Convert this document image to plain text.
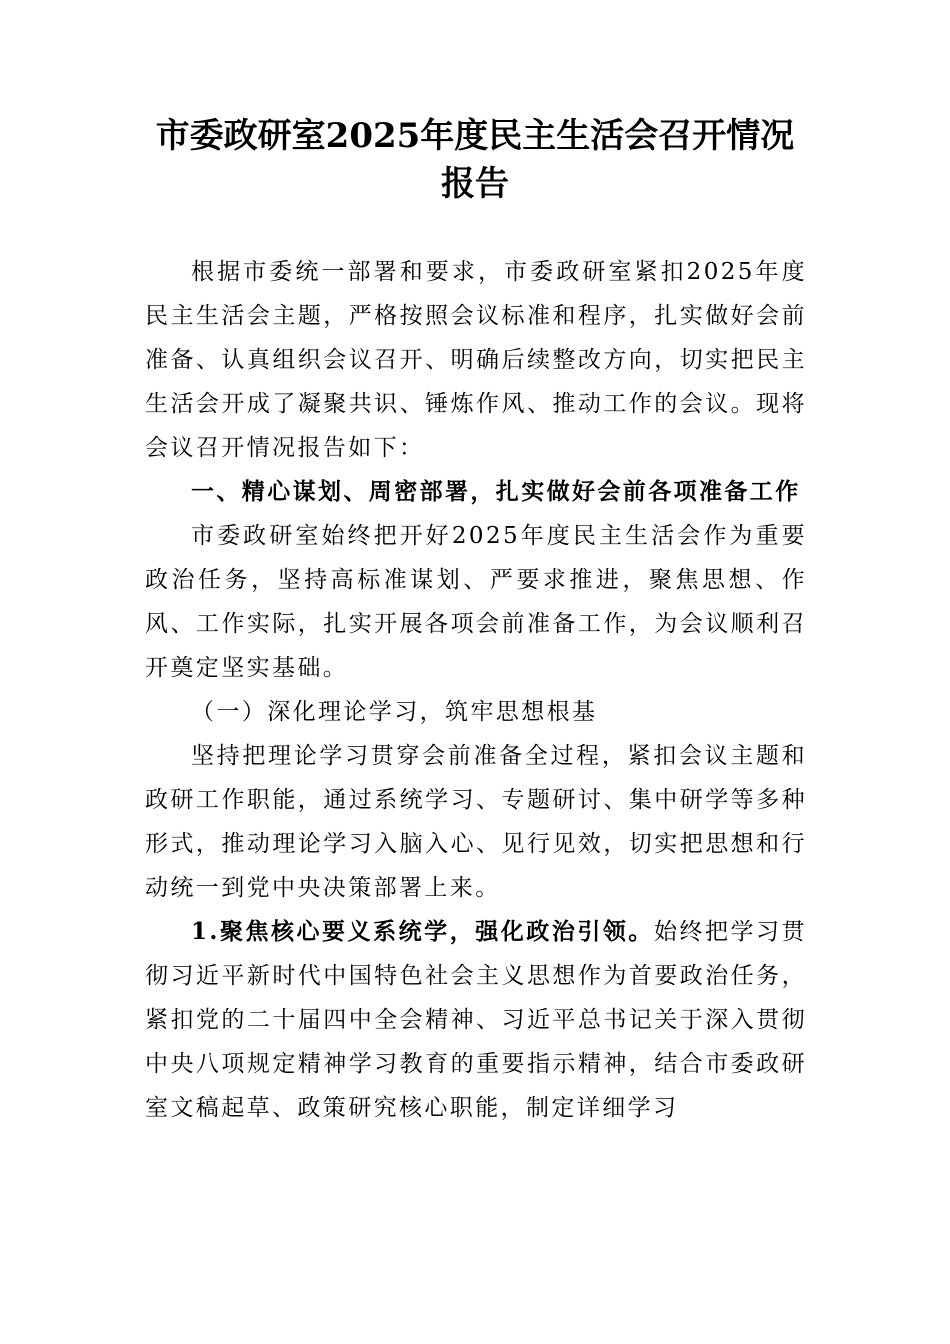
市委政研室2025年度民主生活会召开情况报告

根据市委统一部署和要求，市委政研室紧扣2025年度民主生活会主题，严格按照会议标准和程序，扎实做好会前准备、认真组织会议召开、明确后续整改方向，切实把民主生活会开成了凝聚共识、锤炼作风、推动工作的会议。现将会议召开情况报告如下：

一、精心谋划、周密部署，扎实做好会前各项准备工作

市委政研室始终把开好2025年度民主生活会作为重要政治任务，坚持高标准谋划、严要求推进，聚焦思想、作风、工作实际，扎实开展各项会前准备工作，为会议顺利召开奠定坚实基础。

（一）深化理论学习，筑牢思想根基

坚持把理论学习贯穿会前准备全过程，紧扣会议主题和政研工作职能，通过系统学习、专题研讨、集中研学等多种形式，推动理论学习入脑入心、见行见效，切实把思想和行动统一到党中央决策部署上来。

1.聚焦核心要义系统学，强化政治引领。始终把学习贯彻习近平新时代中国特色社会主义思想作为首要政治任务，紧扣党的二十届四中全会精神、习近平总书记关于深入贯彻中央八项规定精神学习教育的重要指示精神，结合市委政研室文稿起草、政策研究核心职能，制定详细学习
